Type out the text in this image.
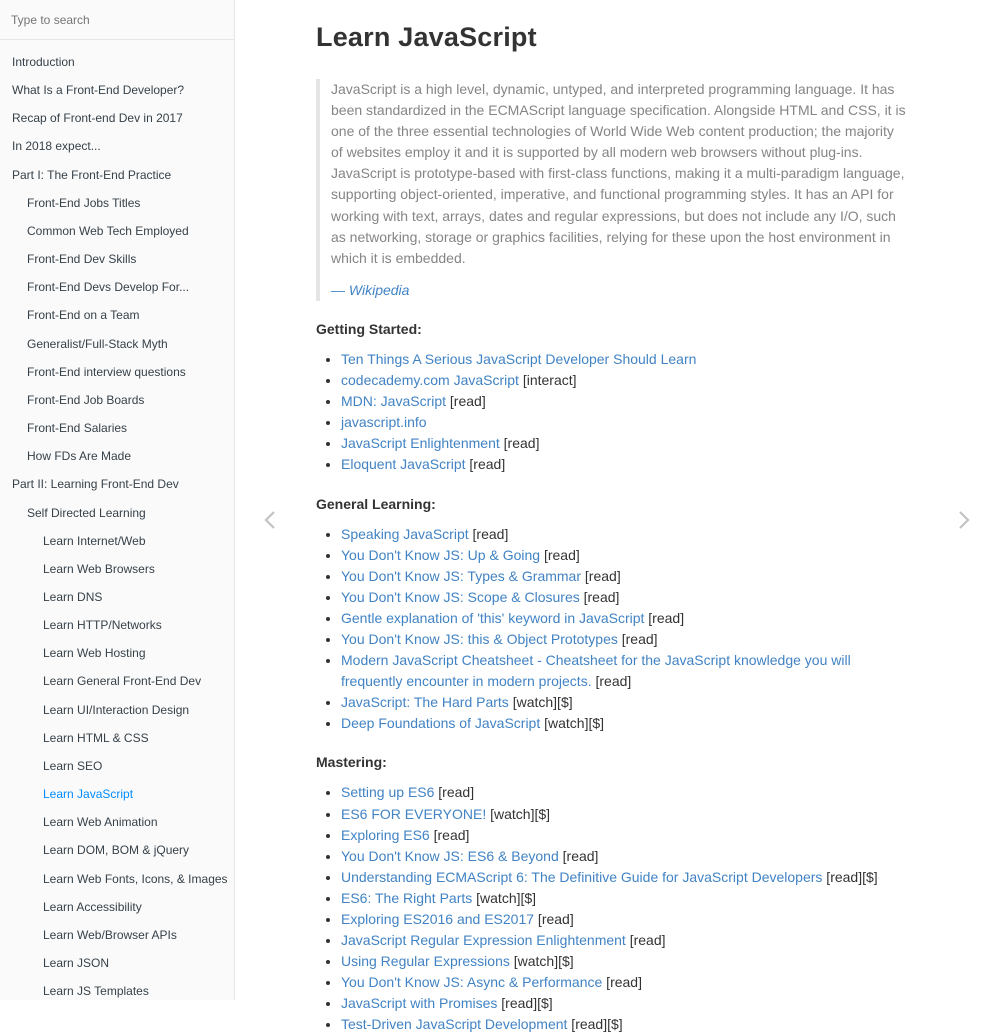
Type to search
Introduction
What Is a Front-End Developer?
Recap of Front-end Dev in 2017
In 2018 expect...
Part I: The Front-End Practice
Front-End Jobs Titles
Common Web Tech Employed
Front-End Dev Skills
Front-End Devs Develop For...
Front-End on a Team
Generalist/Full-Stack Myth
Front-End interview questions
Front-End Job Boards
Front-End Salaries
How FDs Are Made
Part II: Learning Front-End Dev
Self Directed Learning
Learn Internet/Web
Learn Web Browsers
Learn DNS
Learn HTTP/Networks
Learn Web Hosting
Learn General Front-End Dev
Learn UI/Interaction Design
Learn HTML & CSS
Learn SEO
Learn JavaScript
Learn Web Animation
Learn DOM, BOM & jQuery
Learn Web Fonts, Icons, & Images
Learn Accessibility
Learn Web/Browser APIs
Learn JSON
Learn JS Templates
Learn JavaScript

JavaScript is a high level, dynamic, untyped, and interpreted programming language. It has been standardized in the ECMAScript language specification. Alongside HTML and CSS, it is one of the three essential technologies of World Wide Web content production; the majority of websites employ it and it is supported by all modern web browsers without plug-ins. JavaScript is prototype-based with first-class functions, making it a multi-paradigm language, supporting object-oriented, imperative, and functional programming styles. It has an API for working with text, arrays, dates and regular expressions, but does not include any I/O, such as networking, storage or graphics facilities, relying for these upon the host environment in which it is embedded.

— Wikipedia

Getting Started:
• Ten Things A Serious JavaScript Developer Should Learn
• codecademy.com JavaScript [interact]
• MDN: JavaScript [read]
• javascript.info
• JavaScript Enlightenment [read]
• Eloquent JavaScript [read]
General Learning:
• Speaking JavaScript [read]
• You Don't Know JS: Up & Going [read]
• You Don't Know JS: Types & Grammar [read]
• You Don't Know JS: Scope & Closures [read]
• Gentle explanation of 'this' keyword in JavaScript [read]
• You Don't Know JS: this & Object Prototypes [read]
• Modern JavaScript Cheatsheet - Cheatsheet for the JavaScript knowledge you will frequently encounter in modern projects. [read]
• JavaScript: The Hard Parts [watch][$]
• Deep Foundations of JavaScript [watch][$]
Mastering:
• Setting up ES6 [read]
• ES6 FOR EVERYONE! [watch][$]
• Exploring ES6 [read]
• You Don't Know JS: ES6 & Beyond [read]
• Understanding ECMAScript 6: The Definitive Guide for JavaScript Developers [read][$]
• ES6: The Right Parts [watch][$]
• Exploring ES2016 and ES2017 [read]
• JavaScript Regular Expression Enlightenment [read]
• Using Regular Expressions [watch][$]
• You Don't Know JS: Async & Performance [read]
• JavaScript with Promises [read][$]
• Test-Driven JavaScript Development [read][$]
